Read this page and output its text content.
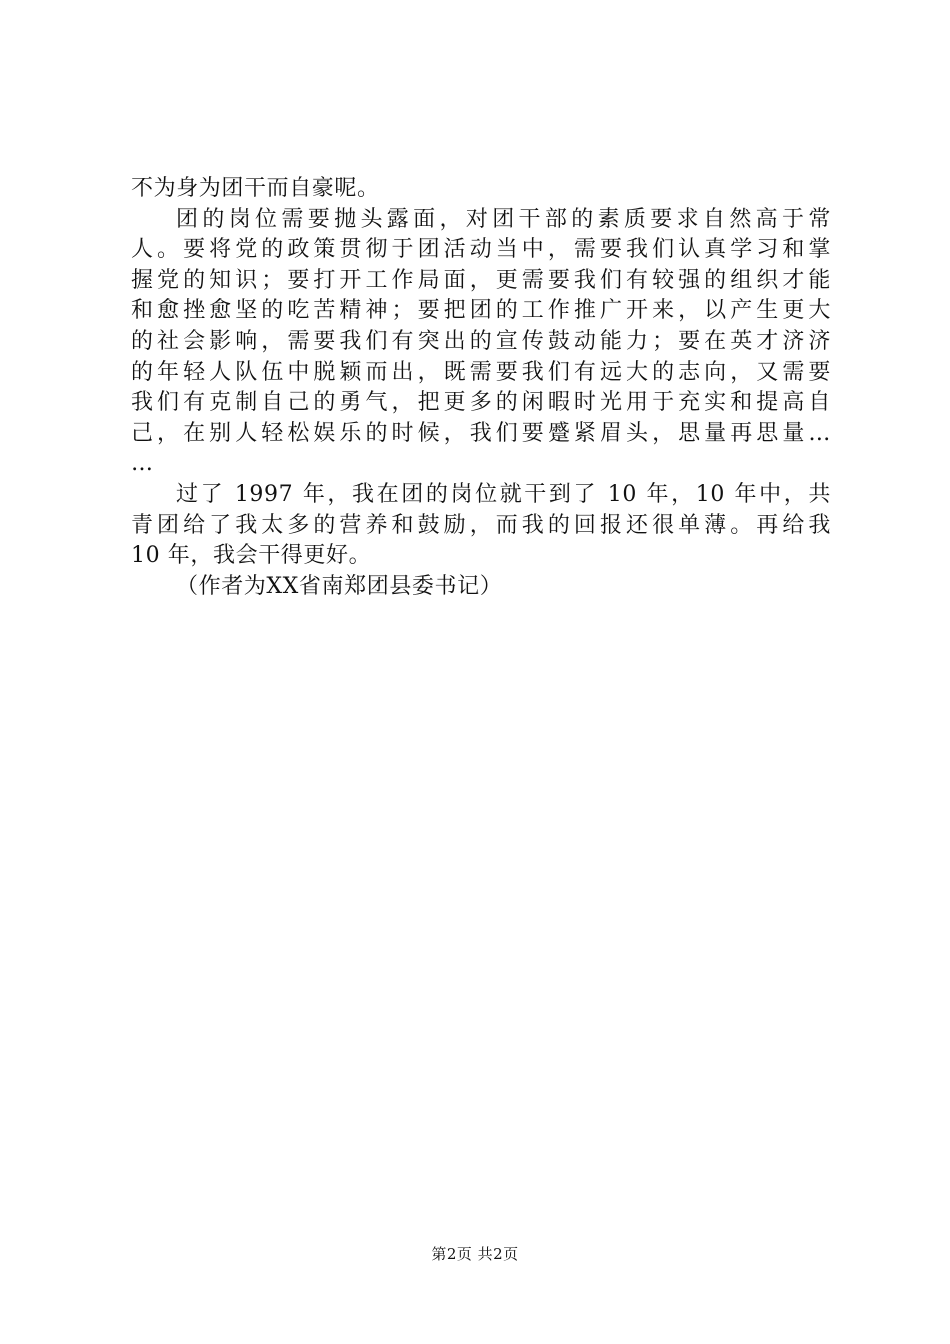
不为身为团干而自豪呢。
团的岗位需要抛头露面，对团干部的素质要求自然高于常
人。要将党的政策贯彻于团活动当中，需要我们认真学习和掌
握党的知识；要打开工作局面，更需要我们有较强的组织才能
和愈挫愈坚的吃苦精神；要把团的工作推广开来，以产生更大
的社会影响，需要我们有突出的宣传鼓动能力；要在英才济济
的年轻人队伍中脱颖而出，既需要我们有远大的志向，又需要
我们有克制自己的勇气，把更多的闲暇时光用于充实和提高自
己，在别人轻松娱乐的时候，我们要蹙紧眉头，思量再思量…
…
过了 1997 年，我在团的岗位就干到了 10 年，10 年中，共
青团给了我太多的营养和鼓励，而我的回报还很单薄。再给我
10 年，我会干得更好。
（作者为XX省南郑团县委书记）
第2页 共2页
